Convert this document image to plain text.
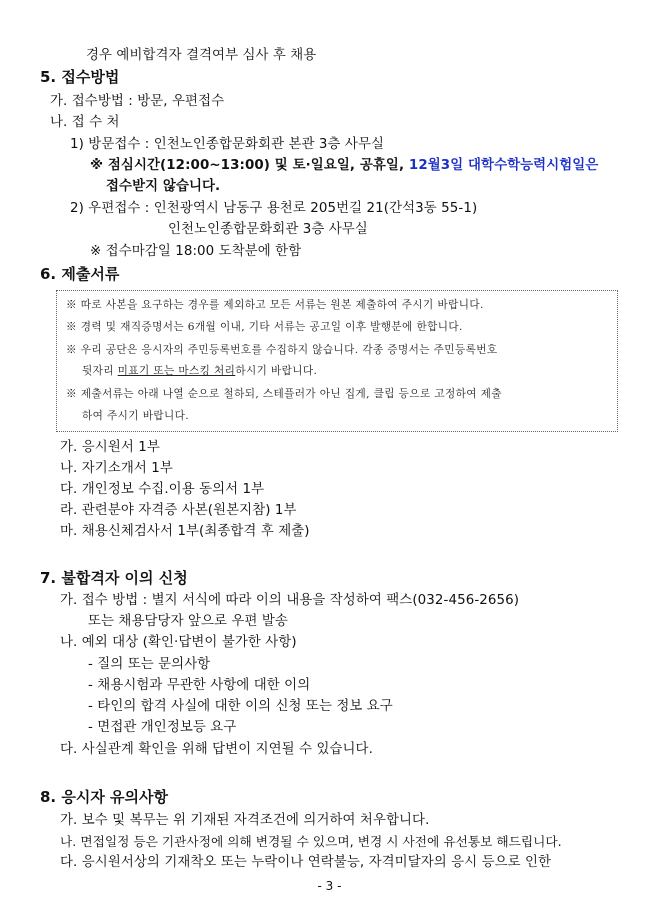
경우 예비합격자 결격여부 심사 후 채용
5. 접수방법
가. 접수방법 : 방문, 우편접수
나. 접 수 처
1) 방문접수 : 인천노인종합문화회관 본관 3층 사무실
※ 점심시간(12:00~13:00) 및 토·일요일, 공휴일, 12월3일 대학수학능력시험일은
접수받지 않습니다.
2) 우편접수 : 인천광역시 남동구 용천로 205번길 21(간석3동 55-1)
인천노인종합문화회관 3층 사무실
※ 접수마감일 18:00 도착분에 한함
6. 제출서류
※ 따로 사본을 요구하는 경우를 제외하고 모든 서류는 원본 제출하여 주시기 바랍니다.
※ 경력 및 재직증명서는 6개월 이내, 기타 서류는 공고일 이후 발행분에 한합니다.
※ 우리 공단은 응시자의 주민등록번호를 수집하지 않습니다. 각종 증명서는 주민등록번호
뒷자리 미표기 또는 마스킹 처리하시기 바랍니다.
※ 제출서류는 아래 나열 순으로 철하되, 스테플러가 아닌 집게, 클립 등으로 고정하여 제출
하여 주시기 바랍니다.
가. 응시원서 1부
나. 자기소개서 1부
다. 개인정보 수집.이용 동의서 1부
라. 관련분야 자격증 사본(원본지참) 1부
마. 채용신체검사서 1부(최종합격 후 제출)
7. 불합격자 이의 신청
가. 접수 방법 : 별지 서식에 따라 이의 내용을 작성하여 팩스(032-456-2656)
또는 채용담당자 앞으로 우편 발송
나. 예외 대상 (확인·답변이 불가한 사항)
- 질의 또는 문의사항
- 채용시험과 무관한 사항에 대한 이의
- 타인의 합격 사실에 대한 이의 신청 또는 정보 요구
- 면접관 개인정보등 요구
다. 사실관계 확인을 위해 답변이 지연될 수 있습니다.
8. 응시자 유의사항
가. 보수 및 복무는 위 기재된 자격조건에 의거하여 처우합니다.
나. 면접일정 등은 기관사정에 의해 변경될 수 있으며, 변경 시 사전에 유선통보 해드립니다.
다. 응시원서상의 기재착오 또는 누락이나 연락불능, 자격미달자의 응시 등으로 인한
- 3 -
